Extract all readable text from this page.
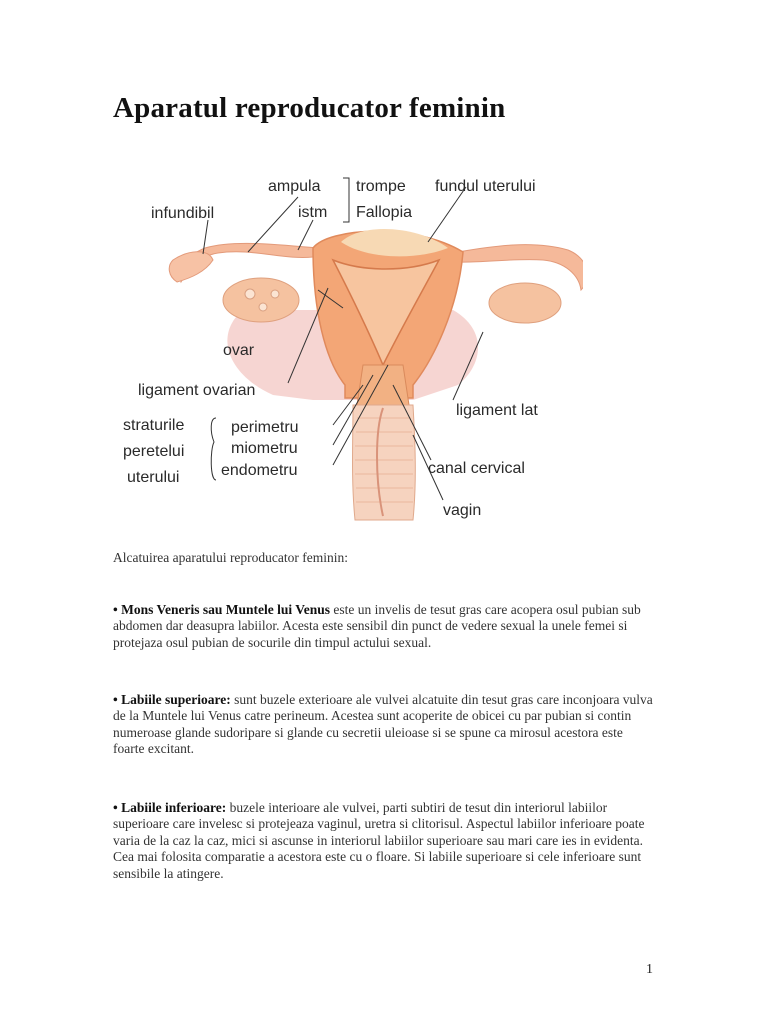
Aparatul reproducator feminin
infundibil
ampula
istm
trompe
Fallopia
fundul uterului
ovar
ligament ovarian
ligament lat
straturile
peretelui
uterului
perimetru
miometru
endometru	canal cervical
vagin

Alcatuirea aparatului reproducator feminin:

• Mons Veneris sau Muntele lui Venus este un invelis de tesut gras care acopera osul pubian sub abdomen dar deasupra labiilor. Acesta este sensibil din punct de vedere sexual la unele femei si protejaza osul pubian de socurile din timpul actului sexual.

• Labiile superioare: sunt buzele exterioare ale vulvei alcatuite din tesut gras care inconjoara vulva de la Muntele lui Venus catre perineum. Acestea sunt acoperite de obicei cu par pubian si contin numeroase glande sudoripare si glande cu secretii uleioase si se spune ca mirosul acestora este foarte excitant.

• Labiile inferioare: buzele interioare ale vulvei, parti subtiri de tesut din interiorul labiilor superioare care invelesc si protejeaza vaginul, uretra si clitorisul. Aspectul labiilor inferioare poate varia de la caz la caz, mici si ascunse in interiorul labiilor superioare sau mari care ies in evidenta. Cea mai folosita comparatie a acestora este cu o floare. Si labiile superioare si cele inferioare sunt sensibile la atingere.

1
